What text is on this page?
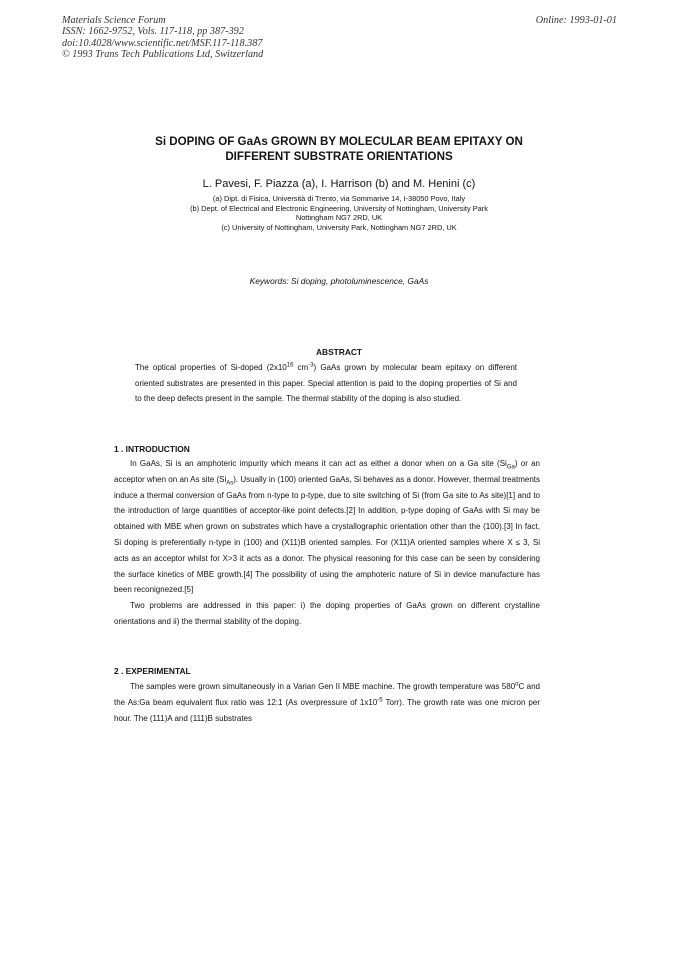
Materials Science Forum
ISSN: 1662-9752, Vols. 117-118, pp 387-392
doi:10.4028/www.scientific.net/MSF.117-118.387
© 1993 Trans Tech Publications Ltd, Switzerland
Online: 1993-01-01
Si DOPING OF GaAs GROWN BY MOLECULAR BEAM EPITAXY ON
DIFFERENT SUBSTRATE ORIENTATIONS
L. Pavesi, F. Piazza (a), I. Harrison (b) and M. Henini (c)
(a) Dipt. di Fisica, Università di Trento, via Sommarive 14, I-38050 Povo, Italy
(b) Dept. of Electrical and Electronic Engineering, University of Nottingham, University Park
Nottingham NG7 2RD, UK
(c) University of Nottingham, University Park, Nottingham NG7 2RD, UK
Keywords: Si doping, photoluminescence, GaAs
ABSTRACT
The optical properties of Si-doped ($2x10^{16}$ $cm^{-3}$) GaAs grown by molecular beam epitaxy on different oriented substrates are presented in this paper. Special attention is paid to the doping properties of Si and to the deep defects present in the sample. The thermal stability of the doping is also studied.
1 . INTRODUCTION

In GaAs, Si is an amphoteric impurity which means it can act as either a donor when on a Ga site $(Si_{Ga})$ or an acceptor when on an As site $(Si_{As})$. Usually in (100) oriented GaAs, Si behaves as a donor. However, thermal treatments induce a thermal conversion of GaAs from n-type to p-type, due to site switching of Si (from Ga site to As site)[1] and to the introduction of large quantities of acceptor-like point defects.[2] In addition, p-type doping of GaAs with Si may be obtained with MBE when grown on substrates which have a crystallographic orientation other than the (100).[3] In fact, Si doping is preferentially n-type in (100) and (X11)B oriented samples. For (X11)A oriented samples where X ≤ 3, Si acts as an acceptor whilst for X>3 it acts as a donor. The physical reasoning for this case can be seen by considering the surface kinetics of MBE growth.[4] The possibility of using the amphoteric nature of Si in device manufacture has been reconignezed.[5]

Two problems are addressed in this paper: i) the doping properties of GaAs grown on different crystalline orientations and ii) the thermal stability of the doping.

2 . EXPERIMENTAL

The samples were grown simultaneously in a Varian Gen II MBE machine. The growth temperature was 580$^o$C and the As:Ga beam equivalent flux ratio was 12:1 (As overpressure of $1x10^{-5}$ Torr). The growth rate was one micron per hour. The (111)A and (111)B substrates
